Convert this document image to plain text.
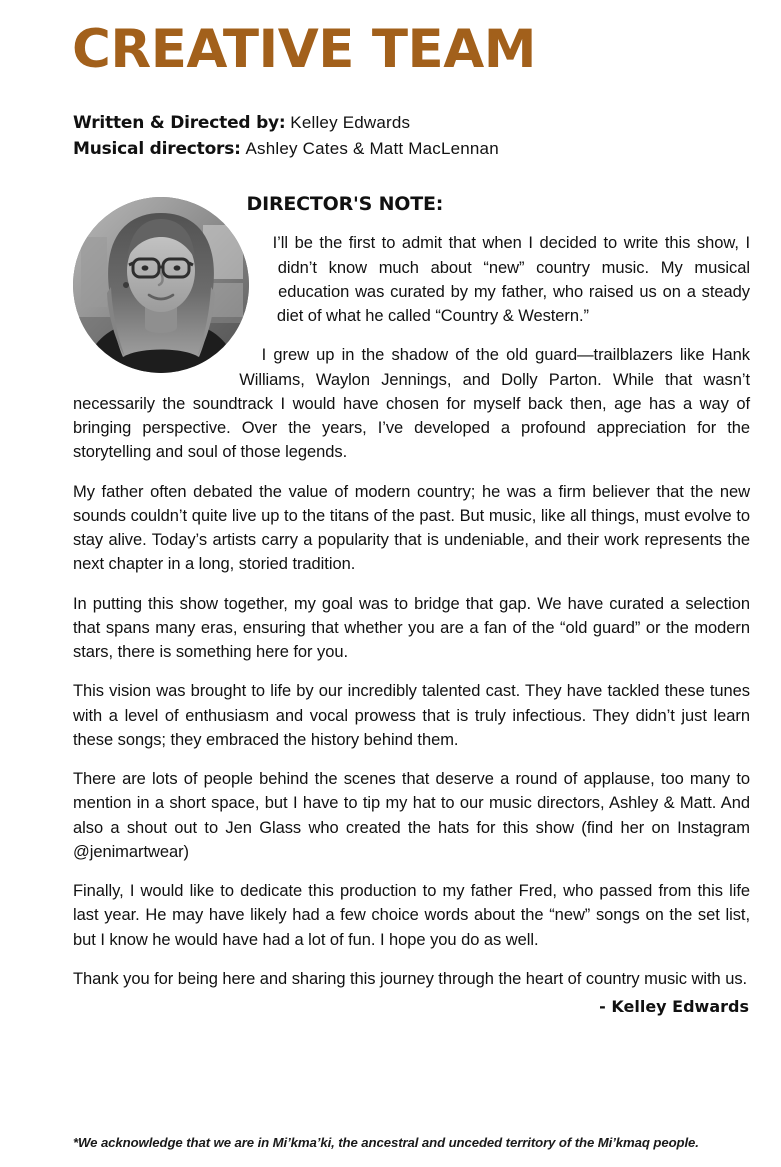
CREATIVE TEAM
Written & Directed by: Kelley Edwards
Musical directors: Ashley Cates & Matt MacLennan
DIRECTOR'S NOTE:

I’ll be the first to admit that when I decided to write this show, I didn’t know much about “new” country music. My musical education was curated by my father, who raised us on a steady diet of what he called “Country & Western.”

I grew up in the shadow of the old guard—trailblazers like Hank Williams, Waylon Jennings, and Dolly Parton. While that wasn’t necessarily the soundtrack I would have chosen for myself back then, age has a way of bringing perspective. Over the years, I’ve developed a profound appreciation for the storytelling and soul of those legends.

My father often debated the value of modern country; he was a firm believer that the new sounds couldn’t quite live up to the titans of the past. But music, like all things, must evolve to stay alive. Today’s artists carry a popularity that is undeniable, and their work represents the next chapter in a long, storied tradition.

In putting this show together, my goal was to bridge that gap. We have curated a selection that spans many eras, ensuring that whether you are a fan of the “old guard” or the modern stars, there is something here for you.

This vision was brought to life by our incredibly talented cast. They have tackled these tunes with a level of enthusiasm and vocal prowess that is truly infectious. They didn’t just learn these songs; they embraced the history behind them.

There are lots of people behind the scenes that deserve a round of applause, too many to mention in a short space, but I have to tip my hat to our music directors, Ashley & Matt. And also a shout out to Jen Glass who created the hats for this show (find her on Instagram @jenimartwear)

Finally, I would like to dedicate this production to my father Fred, who passed from this life last year. He may have likely had a few choice words about the “new” songs on the set list, but I know he would have had a lot of fun. I hope you do as well.

Thank you for being here and sharing this journey through the heart of country music with us.

- Kelley Edwards
*We acknowledge that we are in Mi’kma’ki, the ancestral and unceded territory of the Mi’kmaq people.
